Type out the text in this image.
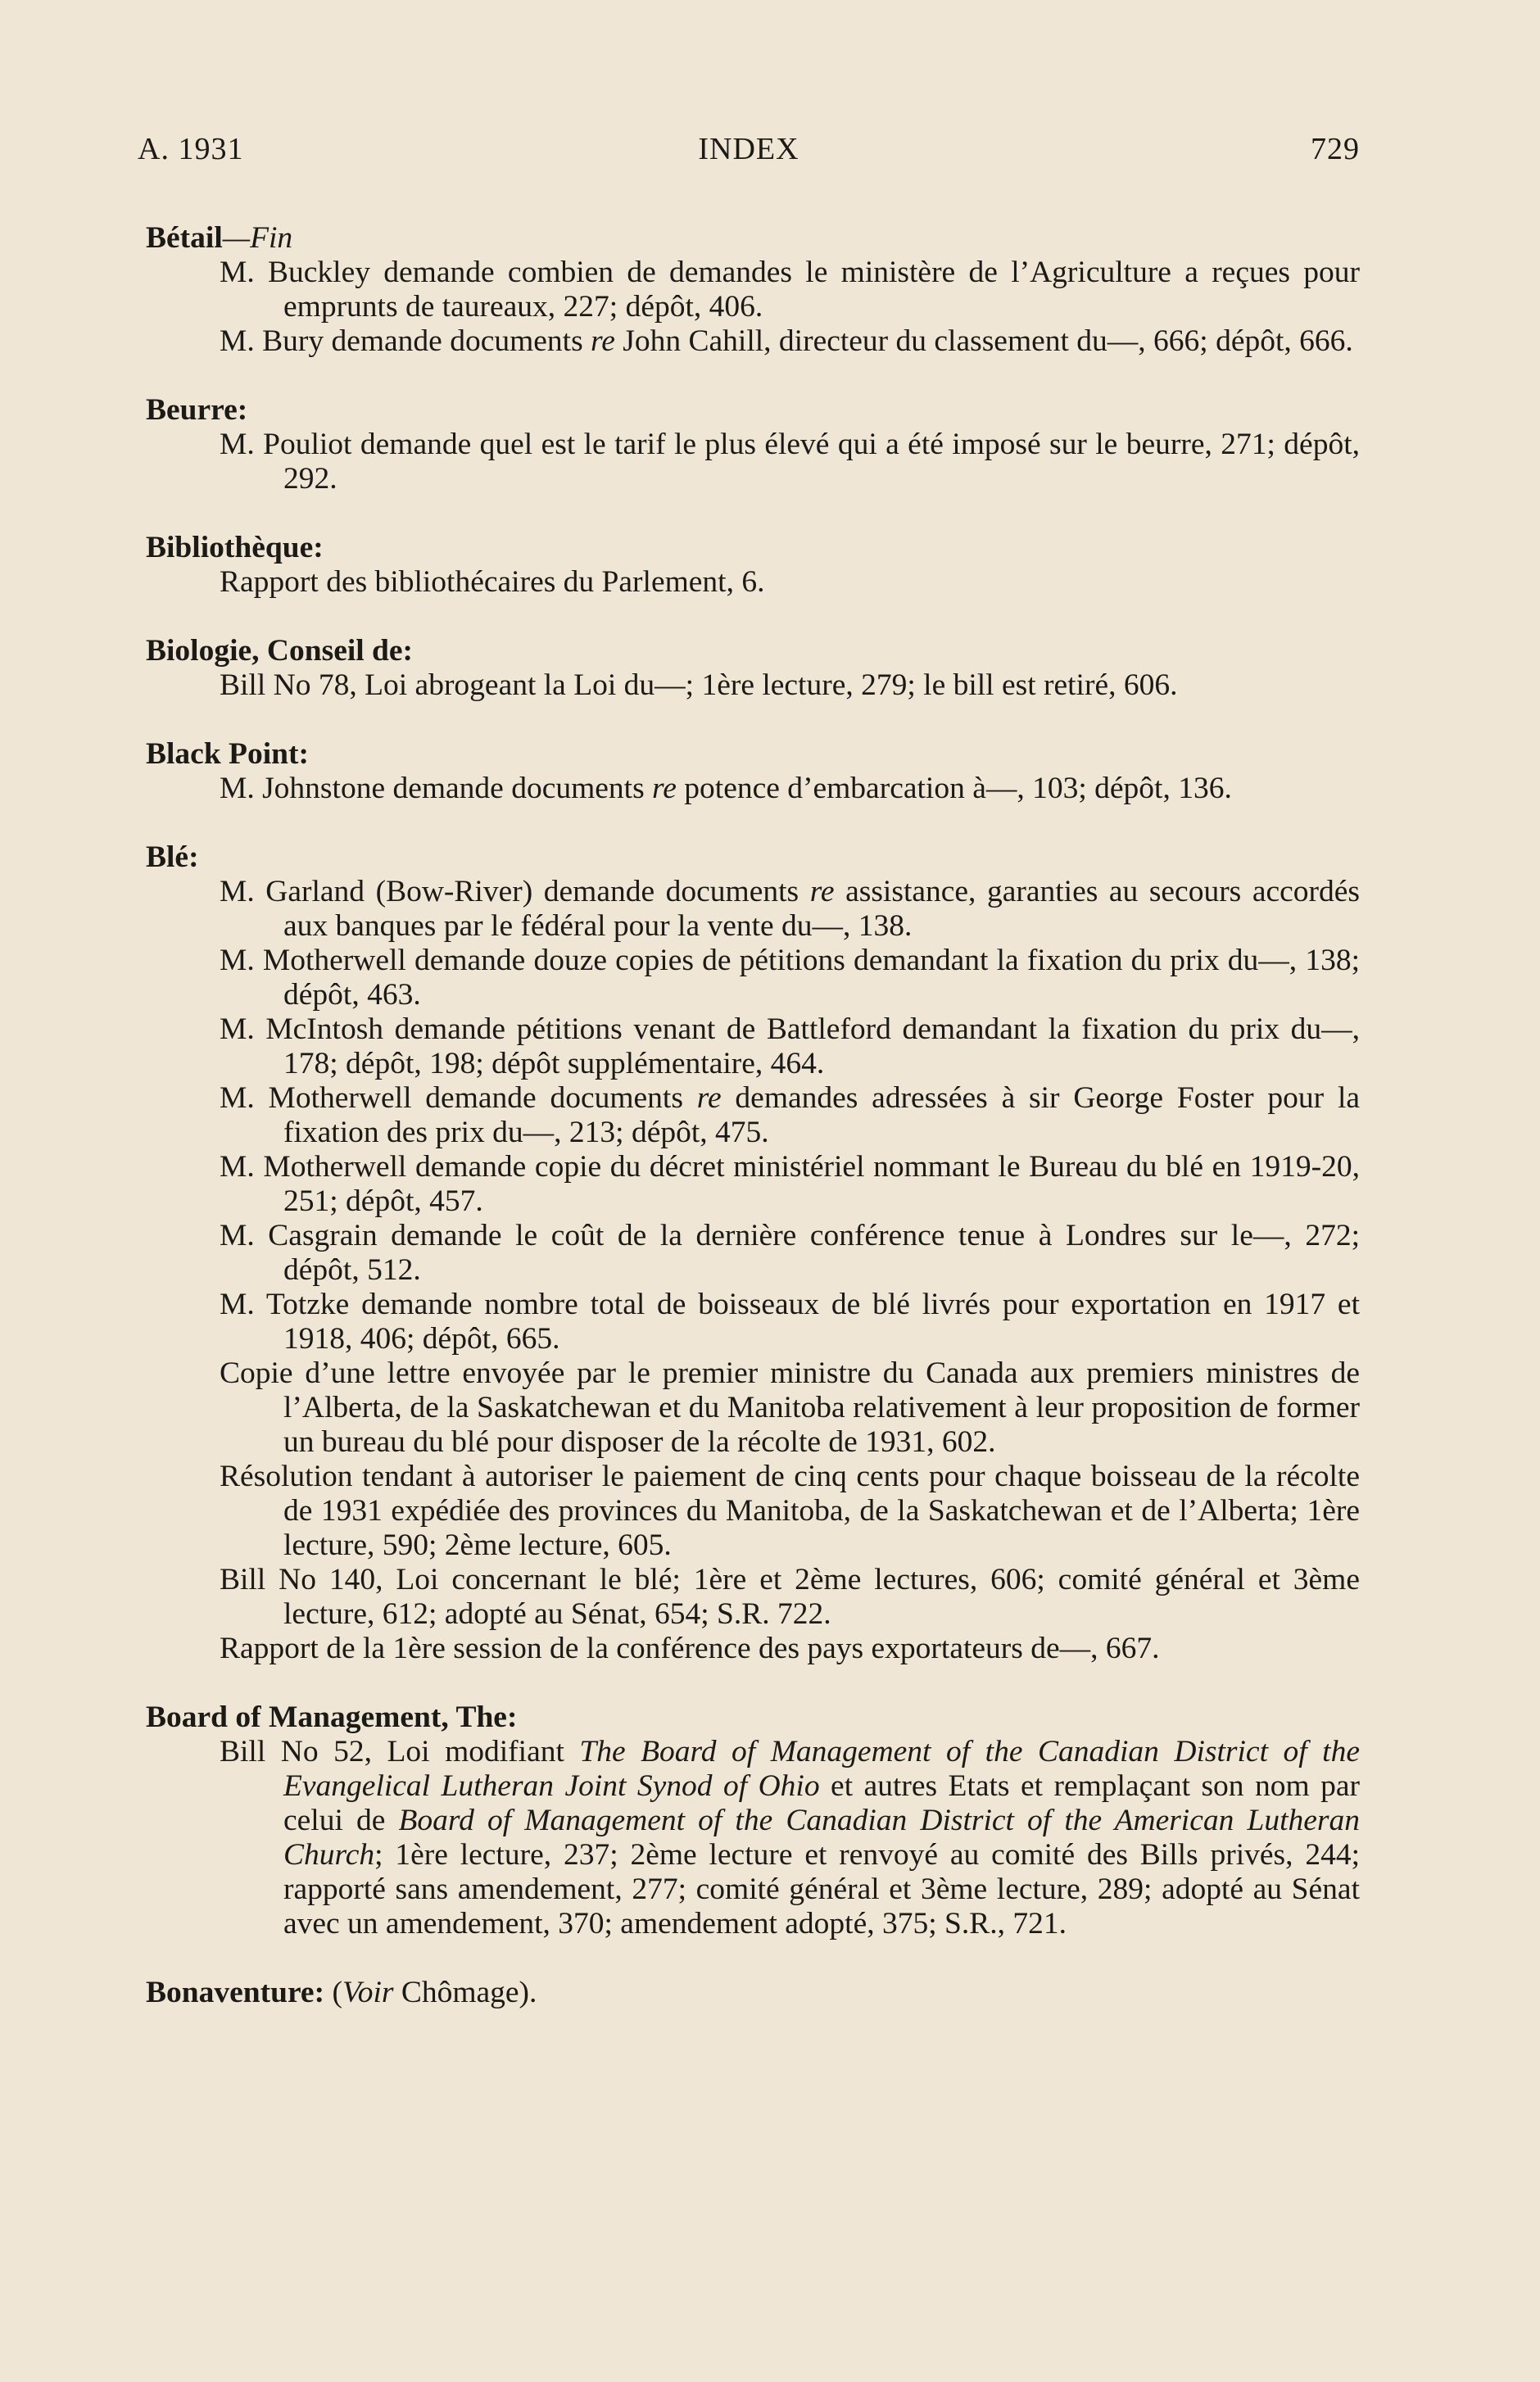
A. 1931	INDEX	729
Bétail—Fin
M. Buckley demande combien de demandes le ministère de l’Agriculture a reçues pour emprunts de taureaux, 227; dépôt, 406.
M. Bury demande documents re John Cahill, directeur du classement du—, 666; dépôt, 666.
Beurre:
M. Pouliot demande quel est le tarif le plus élevé qui a été imposé sur le beurre, 271; dépôt, 292.
Bibliothèque:
Rapport des bibliothécaires du Parlement, 6.
Biologie, Conseil de:
Bill No 78, Loi abrogeant la Loi du—; 1ère lecture, 279; le bill est retiré, 606.
Black Point:
M. Johnstone demande documents re potence d’embarcation à—, 103; dépôt, 136.
Blé:
M. Garland (Bow-River) demande documents re assistance, garanties au secours accordés aux banques par le fédéral pour la vente du—, 138.
M. Motherwell demande douze copies de pétitions demandant la fixation du prix du—, 138; dépôt, 463.
M. McIntosh demande pétitions venant de Battleford demandant la fixation du prix du—, 178; dépôt, 198; dépôt supplémentaire, 464.
M. Motherwell demande documents re demandes adressées à sir George Foster pour la fixation des prix du—, 213; dépôt, 475.
M. Motherwell demande copie du décret ministériel nommant le Bureau du blé en 1919-20, 251; dépôt, 457.
M. Casgrain demande le coût de la dernière conférence tenue à Londres sur le—, 272; dépôt, 512.
M. Totzke demande nombre total de boisseaux de blé livrés pour exportation en 1917 et 1918, 406; dépôt, 665.
Copie d’une lettre envoyée par le premier ministre du Canada aux premiers ministres de l’Alberta, de la Saskatchewan et du Manitoba relativement à leur proposition de former un bureau du blé pour disposer de la récolte de 1931, 602.
Résolution tendant à autoriser le paiement de cinq cents pour chaque boisseau de la récolte de 1931 expédiée des provinces du Manitoba, de la Saskatchewan et de l’Alberta; 1ère lecture, 590; 2ème lecture, 605.
Bill No 140, Loi concernant le blé; 1ère et 2ème lectures, 606; comité général et 3ème lecture, 612; adopté au Sénat, 654; S.R. 722.
Rapport de la 1ère session de la conférence des pays exportateurs de—, 667.
Board of Management, The:
Bill No 52, Loi modifiant The Board of Management of the Canadian District of the Evangelical Lutheran Joint Synod of Ohio et autres Etats et remplaçant son nom par celui de Board of Management of the Canadian District of the American Lutheran Church; 1ère lecture, 237; 2ème lecture et renvoyé au comité des Bills privés, 244; rapporté sans amendement, 277; comité général et 3ème lecture, 289; adopté au Sénat avec un amendement, 370; amendement adopté, 375; S.R., 721.
Bonaventure: (Voir Chômage).
